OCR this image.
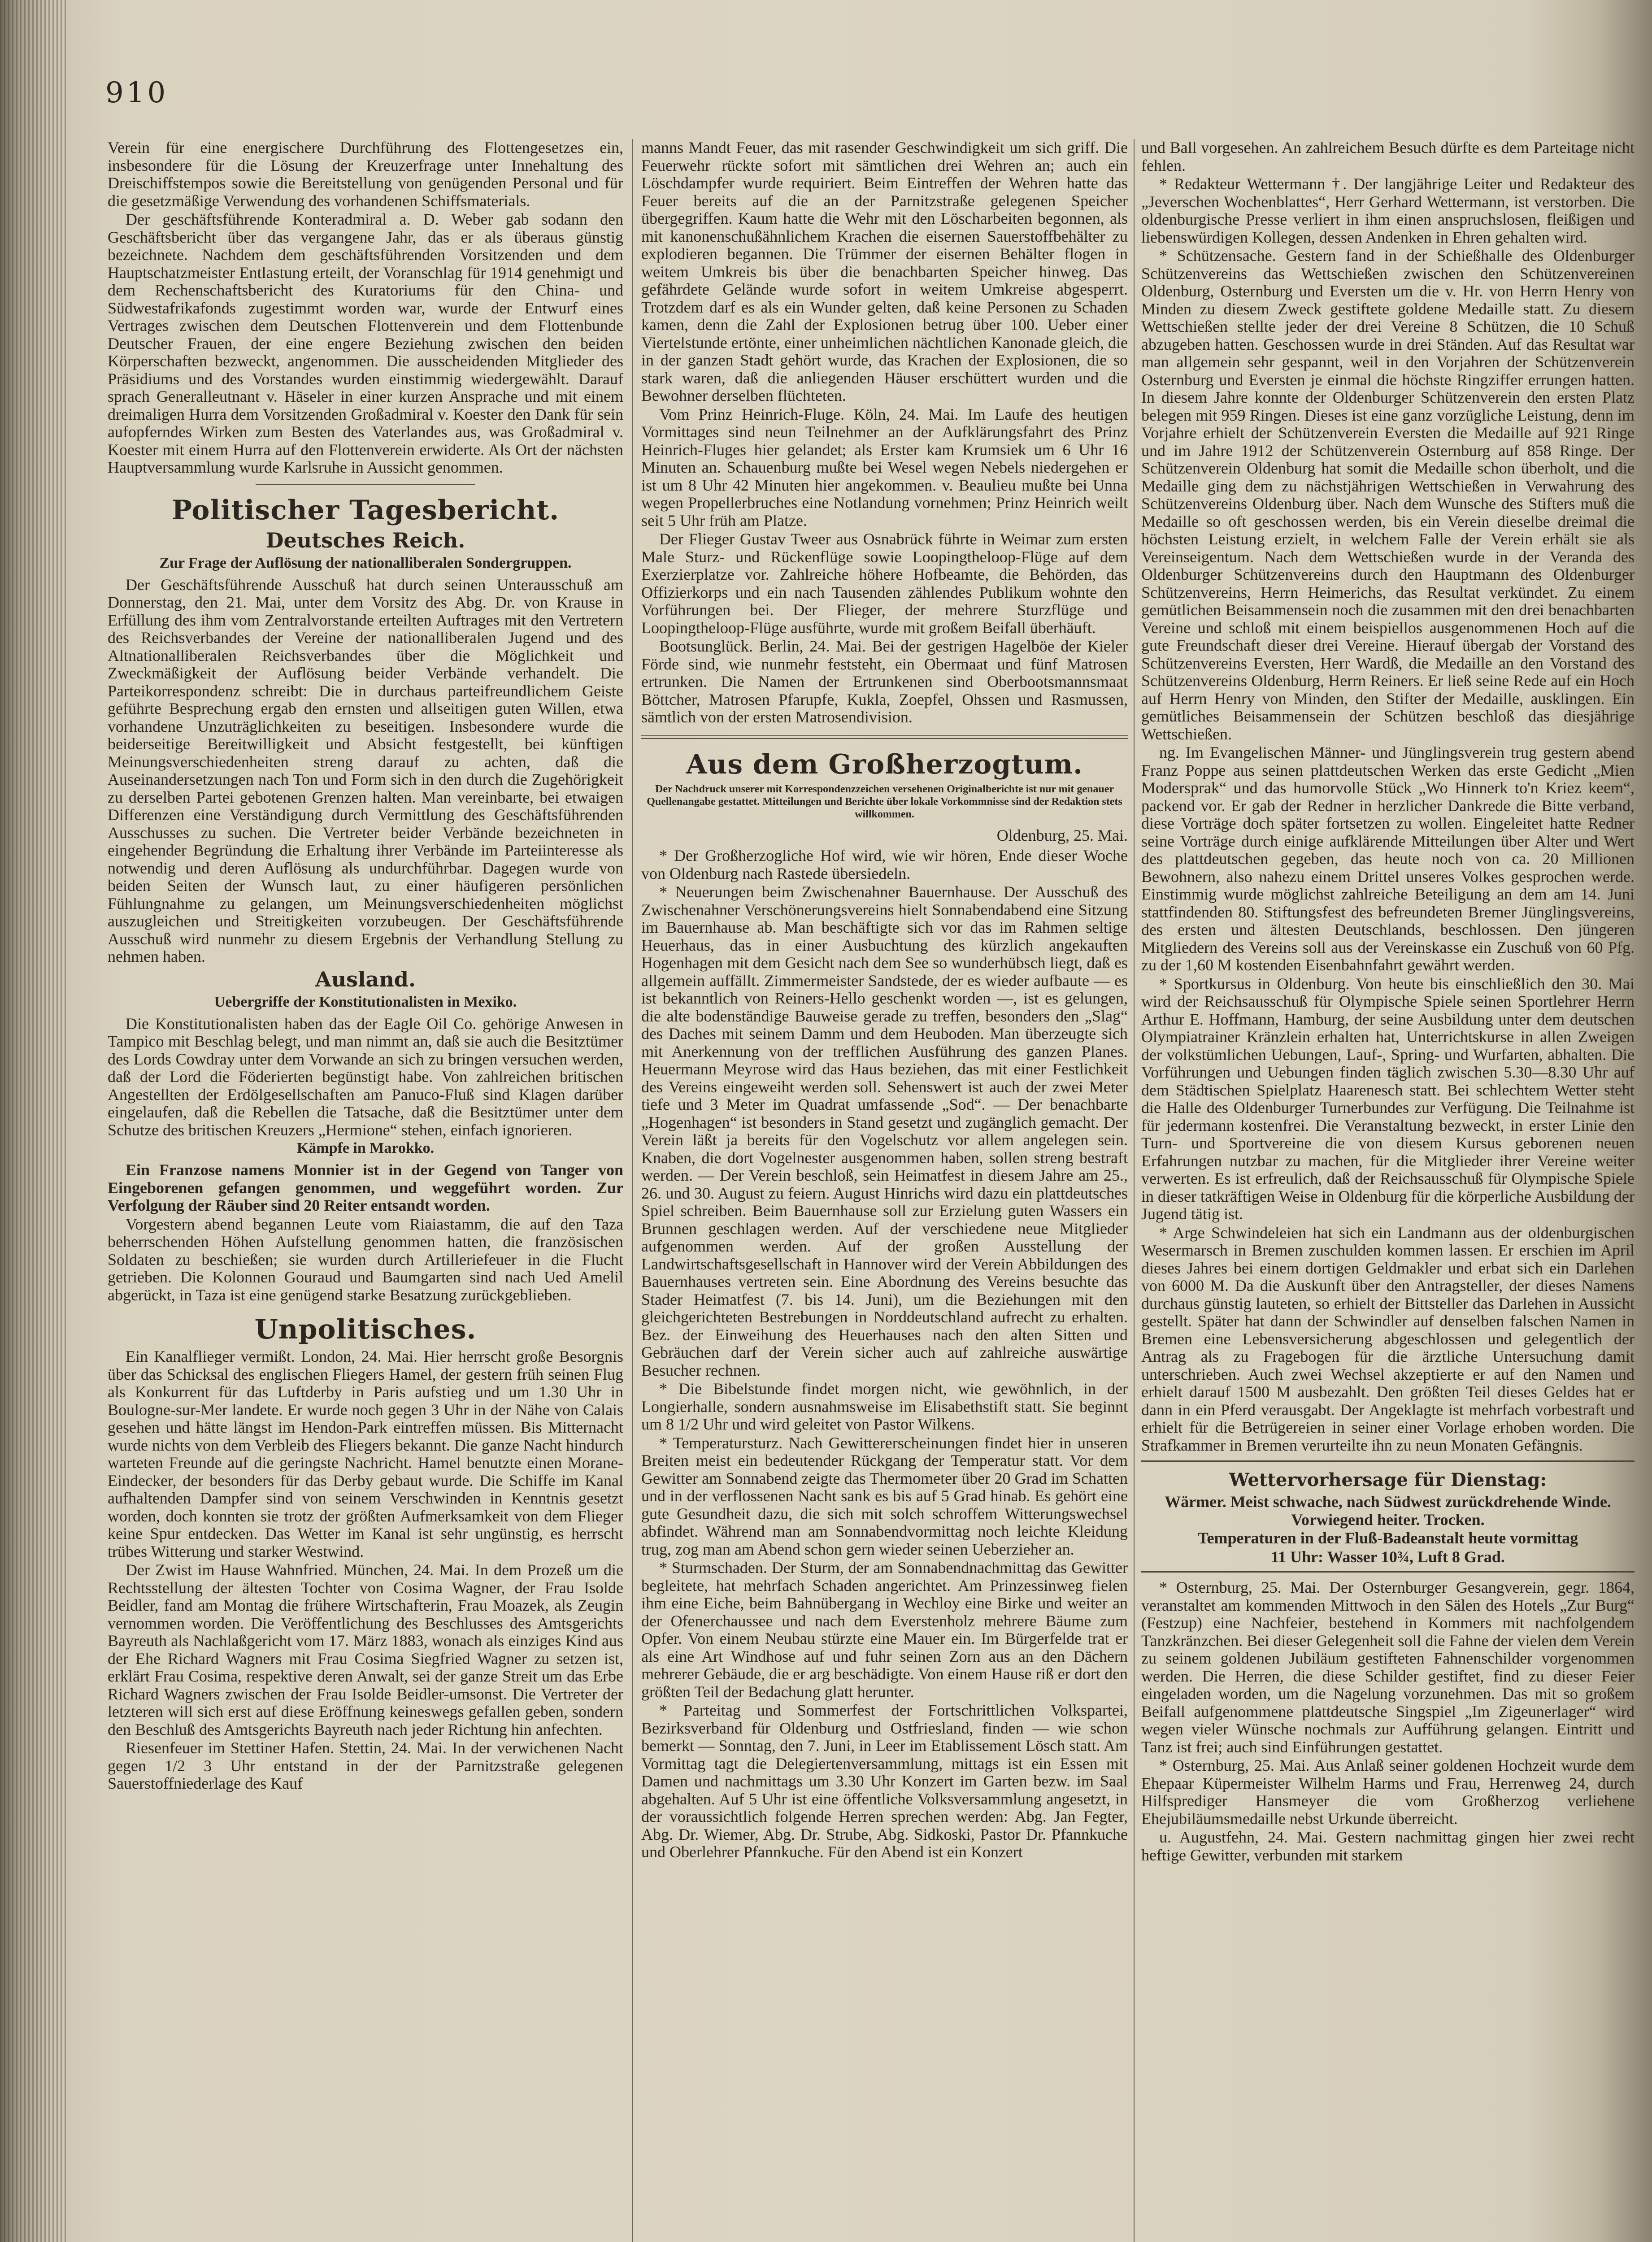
910

Verein für eine energischere Durchführung des Flottengesetzes ein, insbesondere für die Lösung der Kreuzerfrage unter Innehaltung des Dreischiffstempos sowie die Bereitstellung von genügenden Personal und für die gesetzmäßige Verwendung des vorhandenen Schiffsmaterials.

Der geschäftsführende Konteradmiral a. D. Weber gab sodann den Geschäftsbericht über das vergangene Jahr, das er als überaus günstig bezeichnete. Nachdem dem geschäftsführenden Vorsitzenden und dem Hauptschatzmeister Entlastung erteilt, der Voranschlag für 1914 genehmigt und dem Rechenschaftsbericht des Kuratoriums für den China- und Südwestafrikafonds zugestimmt worden war, wurde der Entwurf eines Vertrages zwischen dem Deutschen Flottenverein und dem Flottenbunde Deutscher Frauen, der eine engere Beziehung zwischen den beiden Körperschaften bezweckt, angenommen. Die ausscheidenden Mitglieder des Präsidiums und des Vorstandes wurden einstimmig wiedergewählt. Darauf sprach Generalleutnant v. Häseler in einer kurzen Ansprache und mit einem dreimaligen Hurra dem Vorsitzenden Großadmiral v. Koester den Dank für sein aufopferndes Wirken zum Besten des Vaterlandes aus, was Großadmiral v. Koester mit einem Hurra auf den Flottenverein erwiderte. Als Ort der nächsten Hauptversammlung wurde Karlsruhe in Aussicht genommen.

Politischer Tagesbericht.
Deutsches Reich.
Zur Frage der Auflösung der nationalliberalen Sondergruppen.

Der Geschäftsführende Ausschuß hat durch seinen Unterausschuß am Donnerstag, den 21. Mai, unter dem Vorsitz des Abg. Dr. von Krause in Erfüllung des ihm vom Zentralvorstande erteilten Auftrages mit den Vertretern des Reichsverbandes der Vereine der nationalliberalen Jugend und des Altnationalliberalen Reichsverbandes über die Möglichkeit und Zweckmäßigkeit der Auflösung beider Verbände verhandelt. Die Parteikorrespondenz schreibt: Die in durchaus parteifreundlichem Geiste geführte Besprechung ergab den ernsten und allseitigen guten Willen, etwa vorhandene Unzuträglichkeiten zu beseitigen. Insbesondere wurde die beiderseitige Bereitwilligkeit und Absicht festgestellt, bei künftigen Meinungsverschiedenheiten streng darauf zu achten, daß die Auseinandersetzungen nach Ton und Form sich in den durch die Zugehörigkeit zu derselben Partei gebotenen Grenzen halten. Man vereinbarte, bei etwaigen Differenzen eine Verständigung durch Vermittlung des Geschäftsführenden Ausschusses zu suchen. Die Vertreter beider Verbände bezeichneten in eingehender Begründung die Erhaltung ihrer Verbände im Parteiinteresse als notwendig und deren Auflösung als undurchführbar. Dagegen wurde von beiden Seiten der Wunsch laut, zu einer häufigeren persönlichen Fühlungnahme zu gelangen, um Meinungsverschiedenheiten möglichst auszugleichen und Streitigkeiten vorzubeugen. Der Geschäftsführende Ausschuß wird nunmehr zu diesem Ergebnis der Verhandlung Stellung zu nehmen haben.

Ausland.
Uebergriffe der Konstitutionalisten in Mexiko.

Die Konstitutionalisten haben das der Eagle Oil Co. gehörige Anwesen in Tampico mit Beschlag belegt, und man nimmt an, daß sie auch die Besitztümer des Lords Cowdray unter dem Vorwande an sich zu bringen versuchen werden, daß der Lord die Föderierten begünstigt habe. Von zahlreichen britischen Angestellten der Erdölgesellschaften am Panuco-Fluß sind Klagen darüber eingelaufen, daß die Rebellen die Tatsache, daß die Besitztümer unter dem Schutze des britischen Kreuzers „Hermione“ stehen, einfach ignorieren.

Kämpfe in Marokko.

Ein Franzose namens Monnier ist in der Gegend von Tanger von Eingeborenen gefangen genommen, und weggeführt worden. Zur Verfolgung der Räuber sind 20 Reiter entsandt worden.

Vorgestern abend begannen Leute vom Riaiastamm, die auf den Taza beherrschenden Höhen Aufstellung genommen hatten, die französischen Soldaten zu beschießen; sie wurden durch Artilleriefeuer in die Flucht getrieben. Die Kolonnen Gouraud und Baumgarten sind nach Ued Amelil abgerückt, in Taza ist eine genügend starke Besatzung zurückgeblieben.

Unpolitisches.

Ein Kanalflieger vermißt. London, 24. Mai. Hier herrscht große Besorgnis über das Schicksal des englischen Fliegers Hamel, der gestern früh seinen Flug als Konkurrent für das Luftderby in Paris aufstieg und um 1.30 Uhr in Boulogne-sur-Mer landete. Er wurde noch gegen 3 Uhr in der Nähe von Calais gesehen und hätte längst im Hendon-Park eintreffen müssen. Bis Mitternacht wurde nichts von dem Verbleib des Fliegers bekannt. Die ganze Nacht hindurch warteten Freunde auf die geringste Nachricht. Hamel benutzte einen Morane-Eindecker, der besonders für das Derby gebaut wurde. Die Schiffe im Kanal aufhaltenden Dampfer sind von seinem Verschwinden in Kenntnis gesetzt worden, doch konnten sie trotz der größten Aufmerksamkeit von dem Flieger keine Spur entdecken. Das Wetter im Kanal ist sehr ungünstig, es herrscht trübes Witterung und starker Westwind.

Der Zwist im Hause Wahnfried. München, 24. Mai. In dem Prozeß um die Rechtsstellung der ältesten Tochter von Cosima Wagner, der Frau Isolde Beidler, fand am Montag die frühere Wirtschafterin, Frau Moazek, als Zeugin vernommen worden. Die Veröffentlichung des Beschlusses des Amtsgerichts Bayreuth als Nachlaßgericht vom 17. März 1883, wonach als einziges Kind aus der Ehe Richard Wagners mit Frau Cosima Siegfried Wagner zu setzen ist, erklärt Frau Cosima, respektive deren Anwalt, sei der ganze Streit um das Erbe Richard Wagners zwischen der Frau Isolde Beidler-umsonst. Die Vertreter der letzteren will sich erst auf diese Eröffnung keineswegs gefallen geben, sondern den Beschluß des Amtsgerichts Bayreuth nach jeder Richtung hin anfechten.

Riesenfeuer im Stettiner Hafen. Stettin, 24. Mai. In der verwichenen Nacht gegen 1/2 3 Uhr entstand in der der Parnitzstraße gelegenen Sauerstoffniederlage des Kauf

manns Mandt Feuer, das mit rasender Geschwindigkeit um sich griff. Die Feuerwehr rückte sofort mit sämtlichen drei Wehren an; auch ein Löschdampfer wurde requiriert. Beim Eintreffen der Wehren hatte das Feuer bereits auf die an der Parnitzstraße gelegenen Speicher übergegriffen. Kaum hatte die Wehr mit den Löscharbeiten begonnen, als mit kanonenschußähnlichem Krachen die eisernen Sauerstoffbehälter zu explodieren begannen. Die Trümmer der eisernen Behälter flogen in weitem Umkreis bis über die benachbarten Speicher hinweg. Das gefährdete Gelände wurde sofort in weitem Umkreise abgesperrt. Trotzdem darf es als ein Wunder gelten, daß keine Personen zu Schaden kamen, denn die Zahl der Explosionen betrug über 100. Ueber einer Viertelstunde ertönte, einer unheimlichen nächtlichen Kanonade gleich, die in der ganzen Stadt gehört wurde, das Krachen der Explosionen, die so stark waren, daß die anliegenden Häuser erschüttert wurden und die Bewohner derselben flüchteten.

Vom Prinz Heinrich-Fluge. Köln, 24. Mai. Im Laufe des heutigen Vormittages sind neun Teilnehmer an der Aufklärungsfahrt des Prinz Heinrich-Fluges hier gelandet; als Erster kam Krumsiek um 6 Uhr 16 Minuten an. Schauenburg mußte bei Wesel wegen Nebels niedergehen er ist um 8 Uhr 42 Minuten hier angekommen. v. Beaulieu mußte bei Unna wegen Propellerbruches eine Notlandung vornehmen; Prinz Heinrich weilt seit 5 Uhr früh am Platze.

Der Flieger Gustav Tweer aus Osnabrück führte in Weimar zum ersten Male Sturz- und Rückenflüge sowie Loopingtheloop-Flüge auf dem Exerzierplatze vor. Zahlreiche höhere Hofbeamte, die Behörden, das Offizierkorps und ein nach Tausenden zählendes Publikum wohnte den Vorführungen bei. Der Flieger, der mehrere Sturzflüge und Loopingtheloop-Flüge ausführte, wurde mit großem Beifall überhäuft.

Bootsunglück. Berlin, 24. Mai. Bei der gestrigen Hagelböe der Kieler Förde sind, wie nunmehr feststeht, ein Obermaat und fünf Matrosen ertrunken. Die Namen der Ertrunkenen sind Oberbootsmannsmaat Böttcher, Matrosen Pfarupfe, Kukla, Zoepfel, Ohssen und Rasmussen, sämtlich von der ersten Matrosendivision.

Aus dem Großherzogtum.
Der Nachdruck unserer mit Korrespondenzzeichen versehenen Originalberichte ist nur mit genauer Quellenangabe gestattet. Mitteilungen und Berichte über lokale Vorkommnisse sind der Redaktion stets willkommen.

Oldenburg, 25. Mai.

* Der Großherzogliche Hof wird, wie wir hören, Ende dieser Woche von Oldenburg nach Rastede übersiedeln.

* Neuerungen beim Zwischenahner Bauernhause. Der Ausschuß des Zwischenahner Verschönerungsvereins hielt Sonnabendabend eine Sitzung im Bauernhause ab. Man beschäftigte sich vor das im Rahmen seltige Heuerhaus, das in einer Ausbuchtung des kürzlich angekauften Hogenhagen mit dem Gesicht nach dem See so wunderhübsch liegt, daß es allgemein auffällt. Zimmermeister Sandstede, der es wieder aufbaute — es ist bekanntlich von Reiners-Hello geschenkt worden —, ist es gelungen, die alte bodenständige Bauweise gerade zu treffen, besonders den „Slag“ des Daches mit seinem Damm und dem Heuboden. Man überzeugte sich mit Anerkennung von der trefflichen Ausführung des ganzen Planes. Heuermann Meyrose wird das Haus beziehen, das mit einer Festlichkeit des Vereins eingeweiht werden soll. Sehenswert ist auch der zwei Meter tiefe und 3 Meter im Quadrat umfassende „Sod“. — Der benachbarte „Hogenhagen“ ist besonders in Stand gesetzt und zugänglich gemacht. Der Verein läßt ja bereits für den Vogelschutz vor allem angelegen sein. Knaben, die dort Vogelnester ausgenommen haben, sollen streng bestraft werden. — Der Verein beschloß, sein Heimatfest in diesem Jahre am 25., 26. und 30. August zu feiern. August Hinrichs wird dazu ein plattdeutsches Spiel schreiben. Beim Bauernhause soll zur Erzielung guten Wassers ein Brunnen geschlagen werden. Auf der verschiedene neue Mitglieder aufgenommen werden. Auf der großen Ausstellung der Landwirtschaftsgesellschaft in Hannover wird der Verein Abbildungen des Bauernhauses vertreten sein. Eine Abordnung des Vereins besuchte das Stader Heimatfest (7. bis 14. Juni), um die Beziehungen mit den gleichgerichteten Bestrebungen in Norddeutschland aufrecht zu erhalten. Bez. der Einweihung des Heuerhauses nach den alten Sitten und Gebräuchen darf der Verein sicher auch auf zahlreiche auswärtige Besucher rechnen.

* Die Bibelstunde findet morgen nicht, wie gewöhnlich, in der Longierhalle, sondern ausnahmsweise im Elisabethstift statt. Sie beginnt um 8 1/2 Uhr und wird geleitet von Pastor Wilkens.

* Temperatursturz. Nach Gewittererscheinungen findet hier in unseren Breiten meist ein bedeutender Rückgang der Temperatur statt. Vor dem Gewitter am Sonnabend zeigte das Thermometer über 20 Grad im Schatten und in der verflossenen Nacht sank es bis auf 5 Grad hinab. Es gehört eine gute Gesundheit dazu, die sich mit solch schroffem Witterungswechsel abfindet. Während man am Sonnabendvormittag noch leichte Kleidung trug, zog man am Abend schon gern wieder seinen Ueberzieher an.

* Sturmschaden. Der Sturm, der am Sonnabendnachmittag das Gewitter begleitete, hat mehrfach Schaden angerichtet. Am Prinzessinweg fielen ihm eine Eiche, beim Bahnübergang in Wechloy eine Birke und weiter an der Ofenerchaussee und nach dem Everstenholz mehrere Bäume zum Opfer. Von einem Neubau stürzte eine Mauer ein. Im Bürgerfelde trat er als eine Art Windhose auf und fuhr seinen Zorn aus an den Dächern mehrerer Gebäude, die er arg beschädigte. Von einem Hause riß er dort den größten Teil der Bedachung glatt herunter.

* Parteitag und Sommerfest der Fortschrittlichen Volkspartei, Bezirksverband für Oldenburg und Ostfriesland, finden — wie schon bemerkt — Sonntag, den 7. Juni, in Leer im Etablissement Lösch statt. Am Vormittag tagt die Delegiertenversammlung, mittags ist ein Essen mit Damen und nachmittags um 3.30 Uhr Konzert im Garten bezw. im Saal abgehalten. Auf 5 Uhr ist eine öffentliche Volksversammlung angesetzt, in der voraussichtlich folgende Herren sprechen werden: Abg. Jan Fegter, Abg. Dr. Wiemer, Abg. Dr. Strube, Abg. Sidkoski, Pastor Dr. Pfannkuche und Oberlehrer Pfannkuche. Für den Abend ist ein Konzert

und Ball vorgesehen. An zahlreichem Besuch dürfte es dem Parteitage nicht fehlen.

* Redakteur Wettermann †. Der langjährige Leiter und Redakteur des „Jeverschen Wochenblattes“, Herr Gerhard Wettermann, ist verstorben. Die oldenburgische Presse verliert in ihm einen anspruchslosen, fleißigen und liebenswürdigen Kollegen, dessen Andenken in Ehren gehalten wird.

* Schützensache. Gestern fand in der Schießhalle des Oldenburger Schützenvereins das Wettschießen zwischen den Schützenvereinen Oldenburg, Osternburg und Eversten um die v. Hr. von Herrn Henry von Minden zu diesem Zweck gestiftete goldene Medaille statt. Zu diesem Wettschießen stellte jeder der drei Vereine 8 Schützen, die 10 Schuß abzugeben hatten. Geschossen wurde in drei Ständen. Auf das Resultat war man allgemein sehr gespannt, weil in den Vorjahren der Schützenverein Osternburg und Eversten je einmal die höchste Ringziffer errungen hatten. In diesem Jahre konnte der Oldenburger Schützenverein den ersten Platz belegen mit 959 Ringen. Dieses ist eine ganz vorzügliche Leistung, denn im Vorjahre erhielt der Schützenverein Eversten die Medaille auf 921 Ringe und im Jahre 1912 der Schützenverein Osternburg auf 858 Ringe. Der Schützenverein Oldenburg hat somit die Medaille schon überholt, und die Medaille ging dem zu nächstjährigen Wettschießen in Verwahrung des Schützenvereins Oldenburg über. Nach dem Wunsche des Stifters muß die Medaille so oft geschossen werden, bis ein Verein dieselbe dreimal die höchsten Leistung erzielt, in welchem Falle der Verein erhält sie als Vereinseigentum. Nach dem Wettschießen wurde in der Veranda des Oldenburger Schützenvereins durch den Hauptmann des Oldenburger Schützenvereins, Herrn Heimerichs, das Resultat verkündet. Zu einem gemütlichen Beisammensein noch die zusammen mit den drei benachbarten Vereine und schloß mit einem beispiellos ausgenommenen Hoch auf die gute Freundschaft dieser drei Vereine. Hierauf übergab der Vorstand des Schützenvereins Eversten, Herr Wardß, die Medaille an den Vorstand des Schützenvereins Oldenburg, Herrn Reiners. Er ließ seine Rede auf ein Hoch auf Herrn Henry von Minden, den Stifter der Medaille, ausklingen. Ein gemütliches Beisammensein der Schützen beschloß das diesjährige Wettschießen.

ng. Im Evangelischen Männer- und Jünglingsverein trug gestern abend Franz Poppe aus seinen plattdeutschen Werken das erste Gedicht „Mien Modersprak“ und das humorvolle Stück „Wo Hinnerk to'n Kriez keem“, packend vor. Er gab der Redner in herzlicher Dankrede die Bitte verband, diese Vorträge doch später fortsetzen zu wollen. Eingeleitet hatte Redner seine Vorträge durch einige aufklärende Mitteilungen über Alter und Wert des plattdeutschen gegeben, das heute noch von ca. 20 Millionen Bewohnern, also nahezu einem Drittel unseres Volkes gesprochen werde. Einstimmig wurde möglichst zahlreiche Beteiligung an dem am 14. Juni stattfindenden 80. Stiftungsfest des befreundeten Bremer Jünglingsvereins, des ersten und ältesten Deutschlands, beschlossen. Den jüngeren Mitgliedern des Vereins soll aus der Vereinskasse ein Zuschuß von 60 Pfg. zu der 1,60 M kostenden Eisenbahnfahrt gewährt werden.

* Sportkursus in Oldenburg. Von heute bis einschließlich den 30. Mai wird der Reichsausschuß für Olympische Spiele seinen Sportlehrer Herrn Arthur E. Hoffmann, Hamburg, der seine Ausbildung unter dem deutschen Olympiatrainer Kränzlein erhalten hat, Unterrichtskurse in allen Zweigen der volkstümlichen Uebungen, Lauf-, Spring- und Wurfarten, abhalten. Die Vorführungen und Uebungen finden täglich zwischen 5.30—8.30 Uhr auf dem Städtischen Spielplatz Haarenesch statt. Bei schlechtem Wetter steht die Halle des Oldenburger Turnerbundes zur Verfügung. Die Teilnahme ist für jedermann kostenfrei. Die Veranstaltung bezweckt, in erster Linie den Turn- und Sportvereine die von diesem Kursus geborenen neuen Erfahrungen nutzbar zu machen, für die Mitglieder ihrer Vereine weiter verwerten. Es ist erfreulich, daß der Reichsausschuß für Olympische Spiele in dieser tatkräftigen Weise in Oldenburg für die körperliche Ausbildung der Jugend tätig ist.

* Arge Schwindeleien hat sich ein Landmann aus der oldenburgischen Wesermarsch in Bremen zuschulden kommen lassen. Er erschien im April dieses Jahres bei einem dortigen Geldmakler und erbat sich ein Darlehen von 6000 M. Da die Auskunft über den Antragsteller, der dieses Namens durchaus günstig lauteten, so erhielt der Bittsteller das Darlehen in Aussicht gestellt. Später hat dann der Schwindler auf denselben falschen Namen in Bremen eine Lebensversicherung abgeschlossen und gelegentlich der Antrag als zu Fragebogen für die ärztliche Untersuchung damit unterschrieben. Auch zwei Wechsel akzeptierte er auf den Namen und erhielt darauf 1500 M ausbezahlt. Den größten Teil dieses Geldes hat er dann in ein Pferd verausgabt. Der Angeklagte ist mehrfach vorbestraft und erhielt für die Betrügereien in seiner einer Vorlage erhoben worden. Die Strafkammer in Bremen verurteilte ihn zu neun Monaten Gefängnis.

Wettervorhersage für Dienstag:

Wärmer. Meist schwache, nach Südwest zurückdrehende Winde. Vorwiegend heiter. Trocken.

Temperaturen in der Fluß-Badeanstalt heute vormittag

11 Uhr: Wasser 10¾, Luft 8 Grad.

* Osternburg, 25. Mai. Der Osternburger Gesangverein, gegr. 1864, veranstaltet am kommenden Mittwoch in den Sälen des Hotels „Zur Burg“ (Festzup) eine Nachfeier, bestehend in Kommers mit nachfolgendem Tanzkränzchen. Bei dieser Gelegenheit soll die Fahne der vielen dem Verein zu seinem goldenen Jubiläum gestifteten Fahnenschilder vorgenommen werden. Die Herren, die diese Schilder gestiftet, find zu dieser Feier eingeladen worden, um die Nagelung vorzunehmen. Das mit so großem Beifall aufgenommene plattdeutsche Singspiel „Im Zigeunerlager“ wird wegen vieler Wünsche nochmals zur Aufführung gelangen. Eintritt und Tanz ist frei; auch sind Einführungen gestattet.

* Osternburg, 25. Mai. Aus Anlaß seiner goldenen Hochzeit wurde dem Ehepaar Küpermeister Wilhelm Harms und Frau, Herrenweg 24, durch Hilfsprediger Hansmeyer die vom Großherzog verliehene Ehejubiläumsmedaille nebst Urkunde überreicht.

u. Augustfehn, 24. Mai. Gestern nachmittag gingen hier zwei recht heftige Gewitter, verbunden mit starkem
